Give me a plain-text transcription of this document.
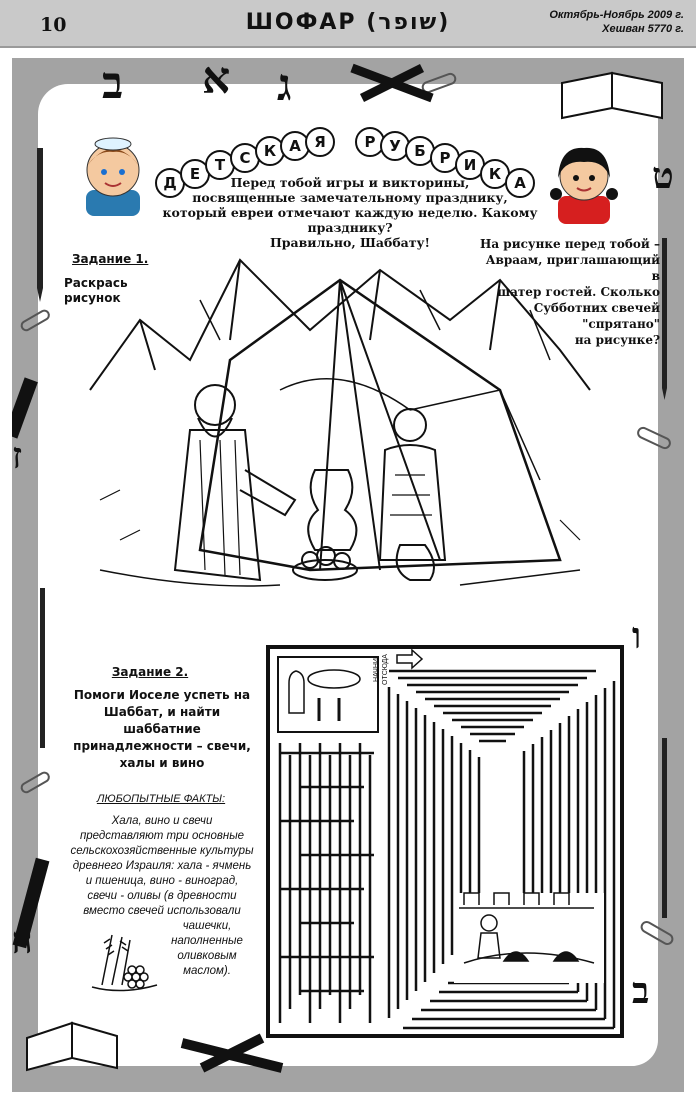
10	ШОФАР (שופר)	Октябрь-Ноябрь 2009 г.
Хешван 5770 г.
ב א ג
ז
ה
ט
ו
ב
Д
Е Т С К А Я	Р У Б Р И К
А
Перед тобой игры и викторины,
посвященные замечательному празднику,
который евреи отмечают каждую неделю. Какому празднику?
Правильно, Шаббату!
Задание 1.
Раскрась
рисунок
На рисунке перед тобой –
Авраам, приглашающий в
шатер гостей. Сколько
Субботних свечей
"спрятано"
на рисунке?
Задание 2.
Помоги Иоселе успеть на
Шаббат, и найти шаббатние
принадлежности – свечи,
халы и вино
ЛЮБОПЫТНЫЕ ФАКТЫ:
Хала, вино и свечи
представляют три основные
сельскохозяйственные культуры
древнего Израиля: хала - ячмень
и пшеница, вино - виноград,
свечи - оливы (в древности
вместо свечей использовали
чашечки,
наполненные
оливковым
маслом).
НАЧНИ ОТСЮДА
